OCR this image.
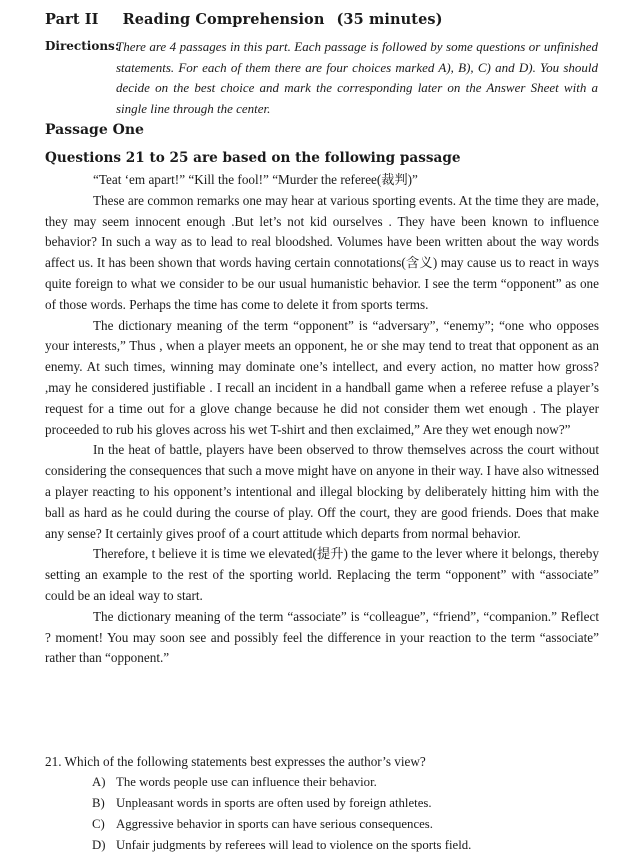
Part II Reading Comprehension (35 minutes)
Directions:
There are 4 passages in this part. Each passage is followed by some questions or unfinished statements. For each of them there are four choices marked A), B), C) and D). You should decide on the best choice and mark the corresponding later on the Answer Sheet with a single line through the center.
Passage One
Questions 21 to 25 are based on the following passage

“Teat ‘em apart!” “Kill the fool!” “Murder the referee(裁判)”

These are common remarks one may hear at various sporting events. At the time they are made, they may seem innocent enough .But let’s not kid ourselves . They have been known to influence behavior? In such a way as to lead to real bloodshed. Volumes have been written about the way words affect us. It has been shown that words having certain connotations(含义) may cause us to react in ways quite foreign to what we consider to be our usual humanistic behavior. I see the term “opponent” as one of those words. Perhaps the time has come to delete it from sports terms.

The dictionary meaning of the term “opponent” is “adversary”, “enemy”; “one who opposes your interests,” Thus , when a player meets an opponent, he or she may tend to treat that opponent as an enemy. At such times, winning may dominate one’s intellect, and every action, no matter how gross? ,may he considered justifiable . I recall an incident in a handball game when a referee refuse a player’s request for a time out for a glove change because he did not consider them wet enough . The player proceeded to rub his gloves across his wet T-shirt and then exclaimed,” Are they wet enough now?”

In the heat of battle, players have been observed to throw themselves across the court without considering the consequences that such a move might have on anyone in their way. I have also witnessed a player reacting to his opponent’s intentional and illegal blocking by deliberately hitting him with the ball as hard as he could during the course of play. Off the court, they are good friends. Does that make any sense? It certainly gives proof of a court attitude which departs from normal behavior.

Therefore, t believe it is time we elevated(提升) the game to the lever where it belongs, thereby setting an example to the rest of the sporting world. Replacing the term “opponent” with “associate” could be an ideal way to start.

The dictionary meaning of the term “associate” is “colleague”, “friend”, “companion.” Reflect ? moment! You may soon see and possibly feel the difference in your reaction to the term “associate” rather than “opponent.”

21. Which of the following statements best expresses the author’s view?

A) The words people use can influence their behavior.
B) Unpleasant words in sports are often used by foreign athletes.
C) Aggressive behavior in sports can have serious consequences.
D) Unfair judgments by referees will lead to violence on the sports field.
